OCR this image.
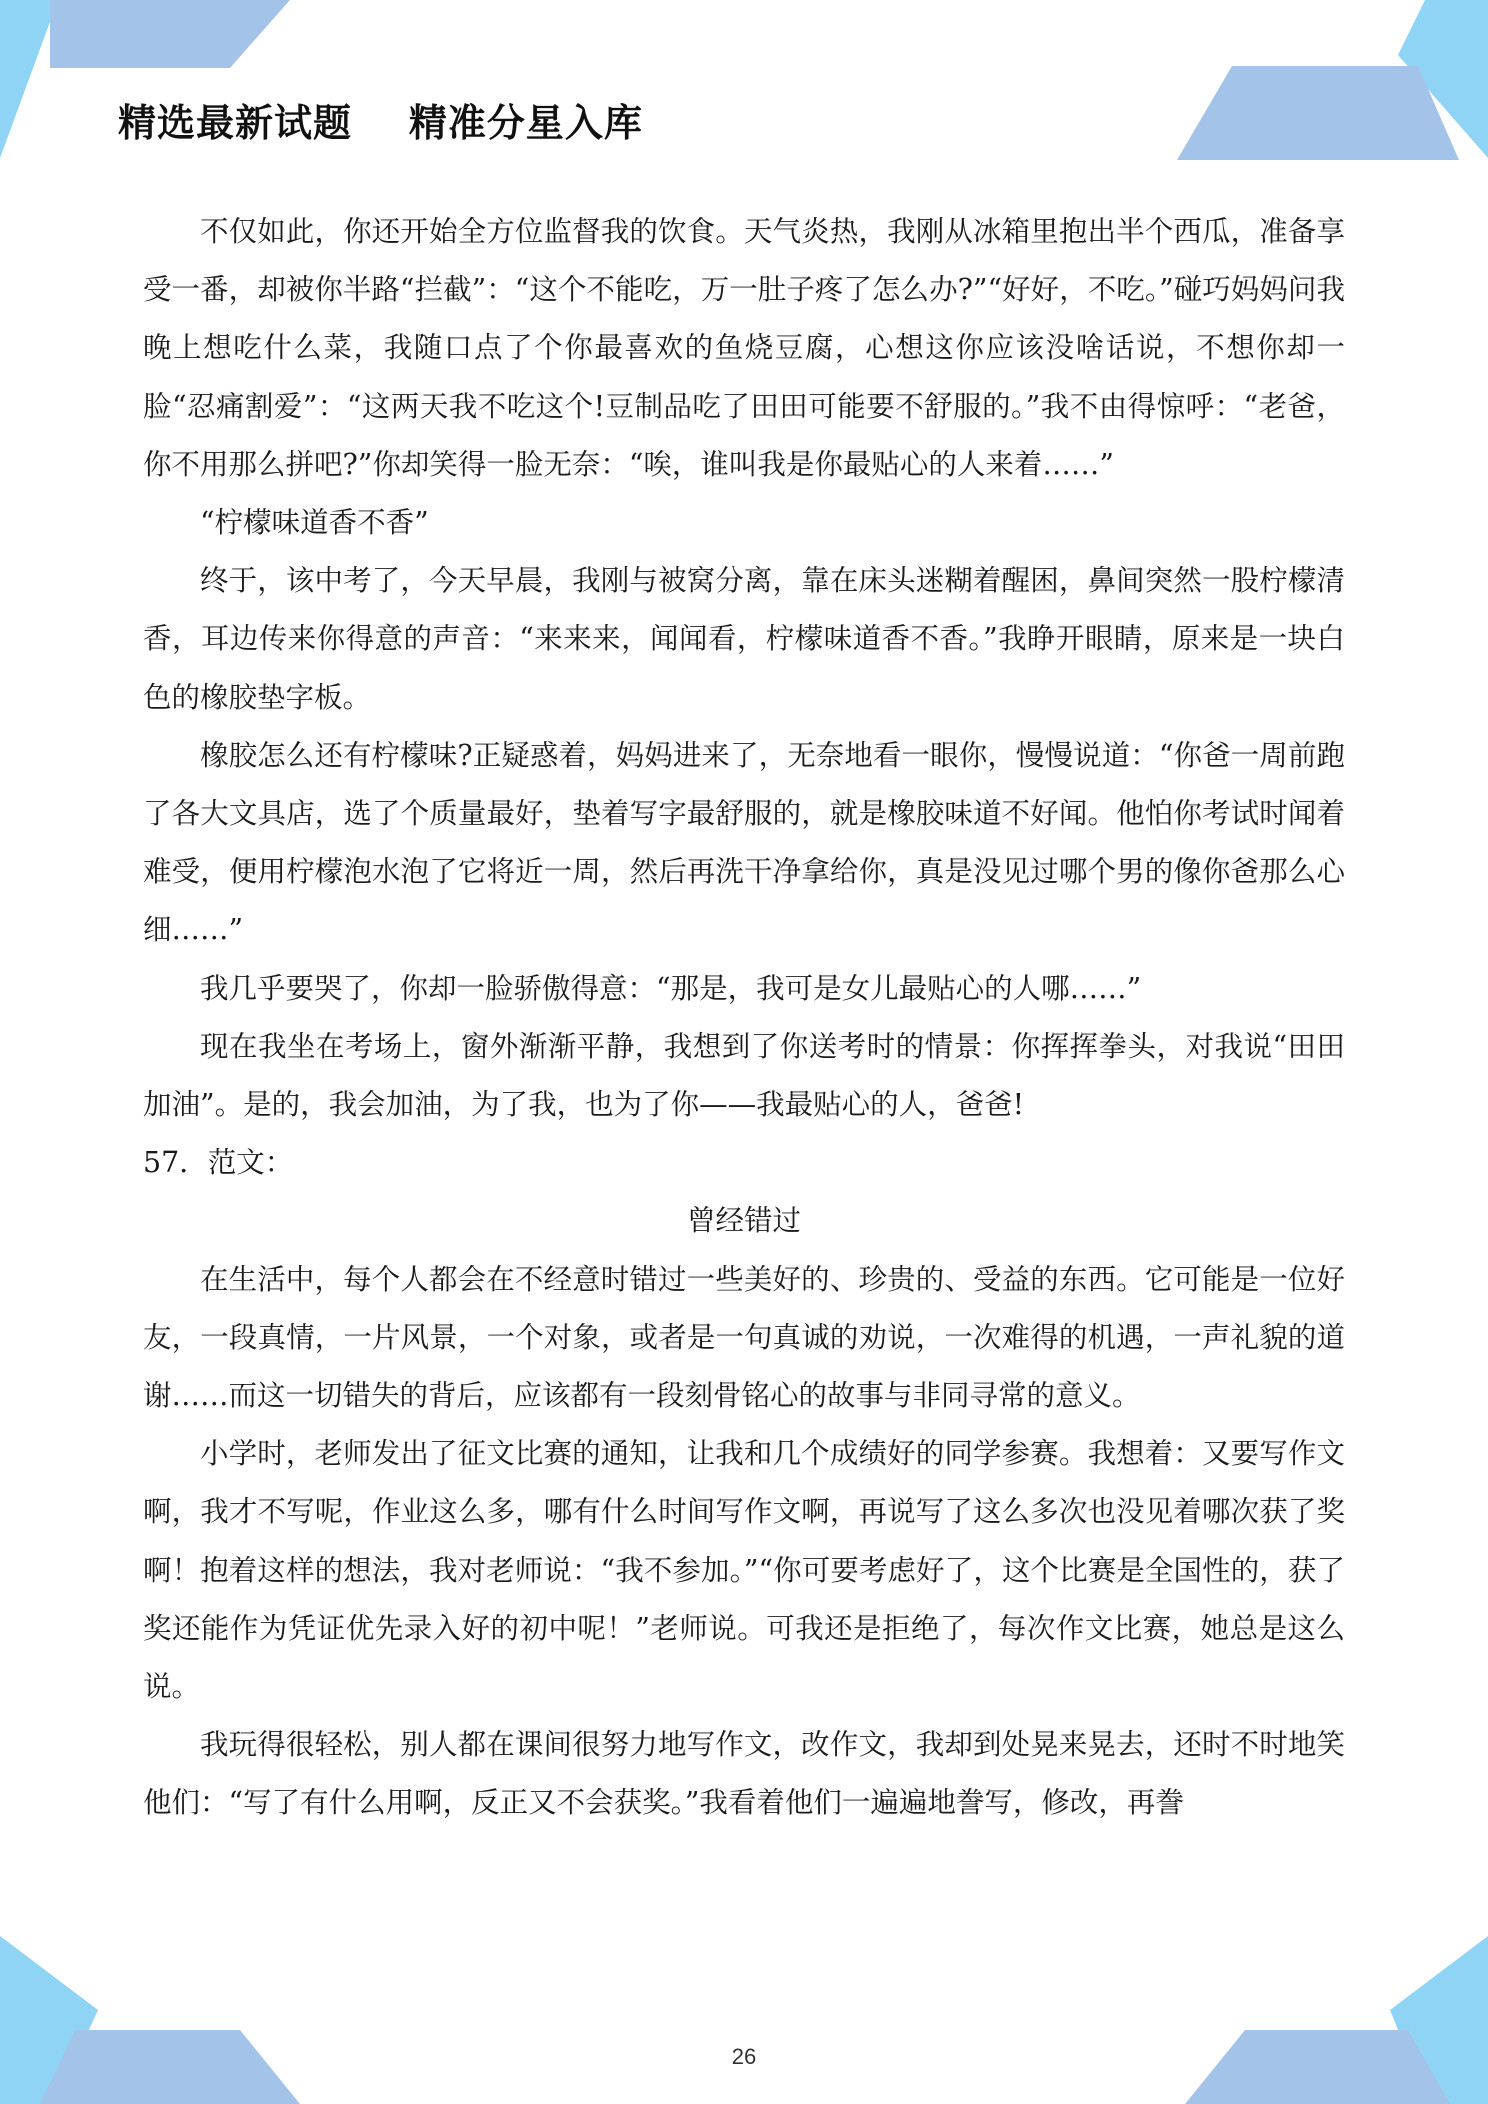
精选最新试题    精准分星入库

不仅如此，你还开始全方位监督我的饮食。天气炎热，我刚从冰箱里抱出半个西瓜，准备享受一番，却被你半路“拦截”：“这个不能吃，万一肚子疼了怎么办?”“好好，不吃。”碰巧妈妈问我晚上想吃什么菜，我随口点了个你最喜欢的鱼烧豆腐，心想这你应该没啥话说，不想你却一脸“忍痛割爱”：“这两天我不吃这个!豆制品吃了田田可能要不舒服的。”我不由得惊呼：“老爸，你不用那么拼吧?”你却笑得一脸无奈：“唉，谁叫我是你最贴心的人来着……”

“柠檬味道香不香”

终于，该中考了，今天早晨，我刚与被窝分离，靠在床头迷糊着醒困，鼻间突然一股柠檬清香，耳边传来你得意的声音：“来来来，闻闻看，柠檬味道香不香。”我睁开眼睛，原来是一块白色的橡胶垫字板。

橡胶怎么还有柠檬味?正疑惑着，妈妈进来了，无奈地看一眼你，慢慢说道：“你爸一周前跑了各大文具店，选了个质量最好，垫着写字最舒服的，就是橡胶味道不好闻。他怕你考试时闻着难受，便用柠檬泡水泡了它将近一周，然后再洗干净拿给你，真是没见过哪个男的像你爸那么心细……”

我几乎要哭了，你却一脸骄傲得意：“那是，我可是女儿最贴心的人哪……”

现在我坐在考场上，窗外渐渐平静，我想到了你送考时的情景：你挥挥拳头，对我说“田田加油”。是的，我会加油，为了我，也为了你——我最贴心的人，爸爸!

57．范文：

曾经错过

在生活中，每个人都会在不经意时错过一些美好的、珍贵的、受益的东西。它可能是一位好友，一段真情，一片风景，一个对象，或者是一句真诚的劝说，一次难得的机遇，一声礼貌的道谢……而这一切错失的背后，应该都有一段刻骨铭心的故事与非同寻常的意义。

小学时，老师发出了征文比赛的通知，让我和几个成绩好的同学参赛。我想着：又要写作文啊，我才不写呢，作业这么多，哪有什么时间写作文啊，再说写了这么多次也没见着哪次获了奖啊！抱着这样的想法，我对老师说：“我不参加。”“你可要考虑好了，这个比赛是全国性的，获了奖还能作为凭证优先录入好的初中呢！”老师说。可我还是拒绝了，每次作文比赛，她总是这么说。

我玩得很轻松，别人都在课间很努力地写作文，改作文，我却到处晃来晃去，还时不时地笑他们：“写了有什么用啊，反正又不会获奖。”我看着他们一遍遍地誊写，修改，再誊

26
